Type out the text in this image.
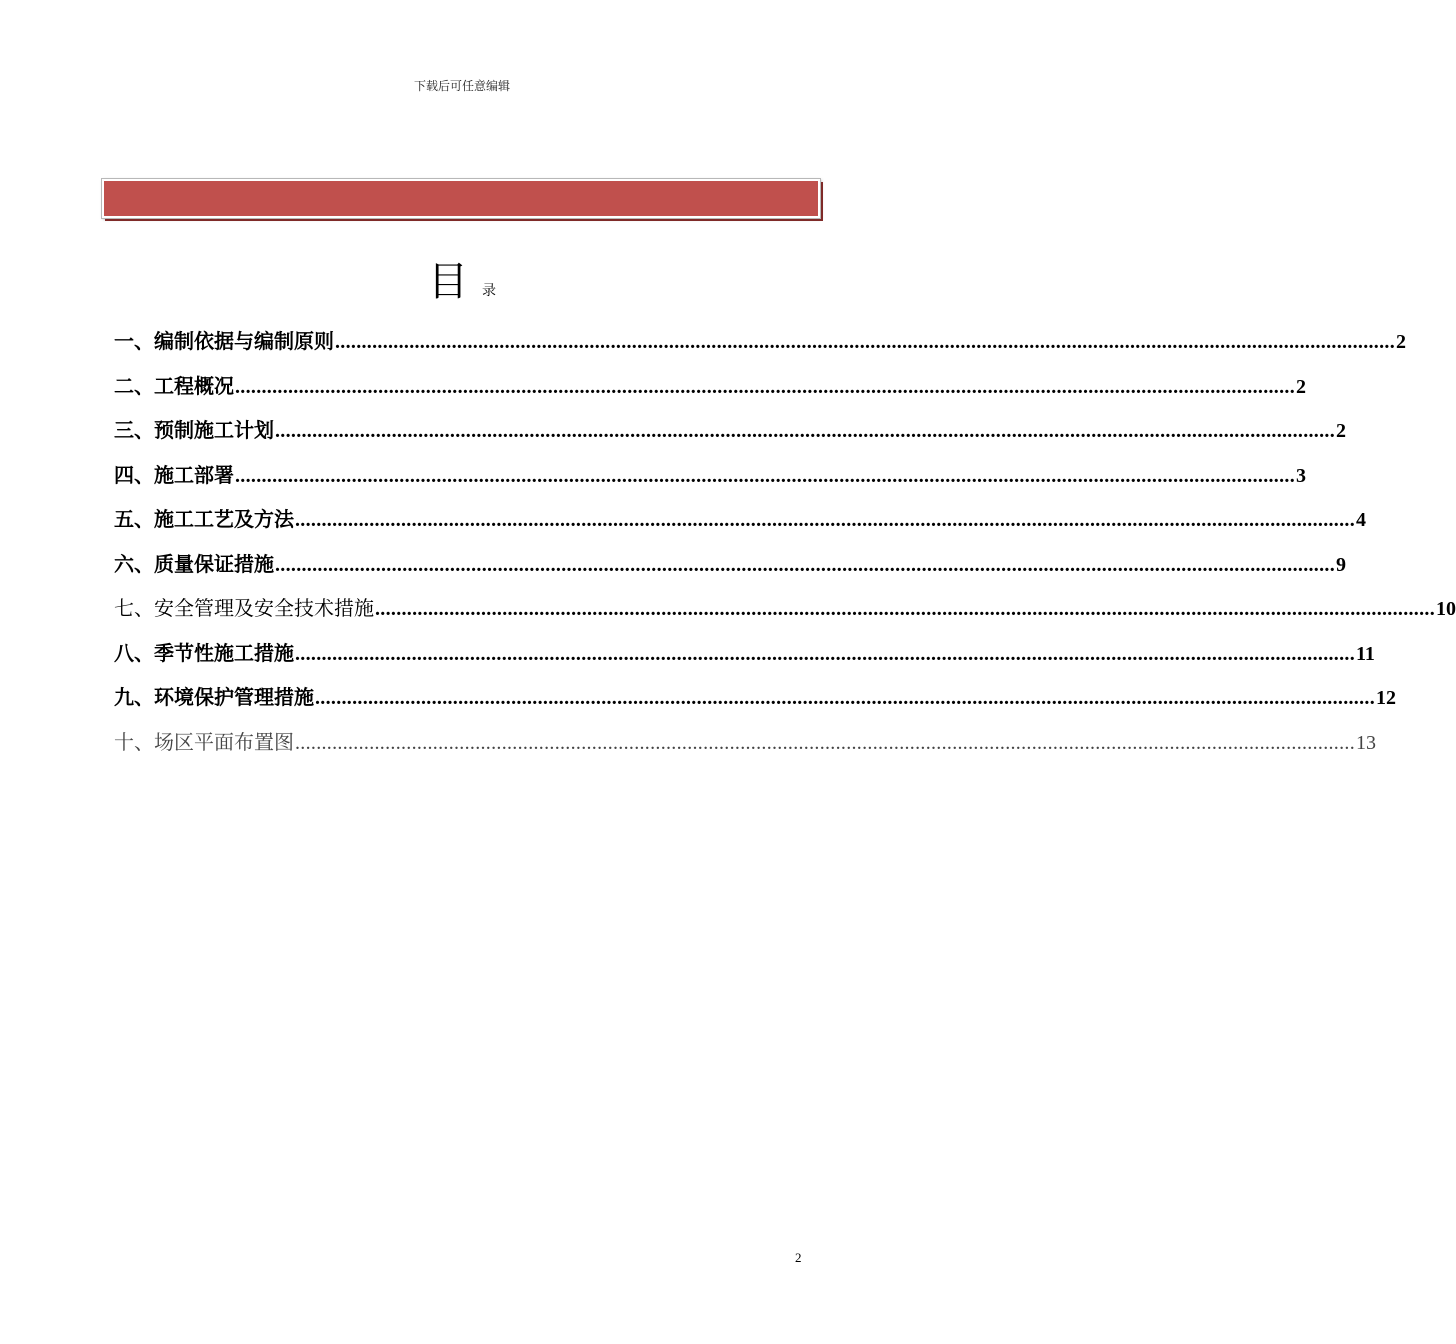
下载后可任意编辑
目 录
一、编制依据与编制原则 ........................................................................................................................................................................................................ 2
二、工程概况 ........................................................................................................................................................................................................ 2
三、预制施工计划 ........................................................................................................................................................................................................ 2
四、施工部署 ........................................................................................................................................................................................................ 3
五、施工工艺及方法 ........................................................................................................................................................................................................ 4
六、质量保证措施 ........................................................................................................................................................................................................ 9
七、安全管理及安全技术措施 ........................................................................................................................................................................................................ 10
八、季节性施工措施 ........................................................................................................................................................................................................ 11
九、环境保护管理措施 ........................................................................................................................................................................................................ 12
十、场区平面布置图 ........................................................................................................................................................................................................ 13
2
